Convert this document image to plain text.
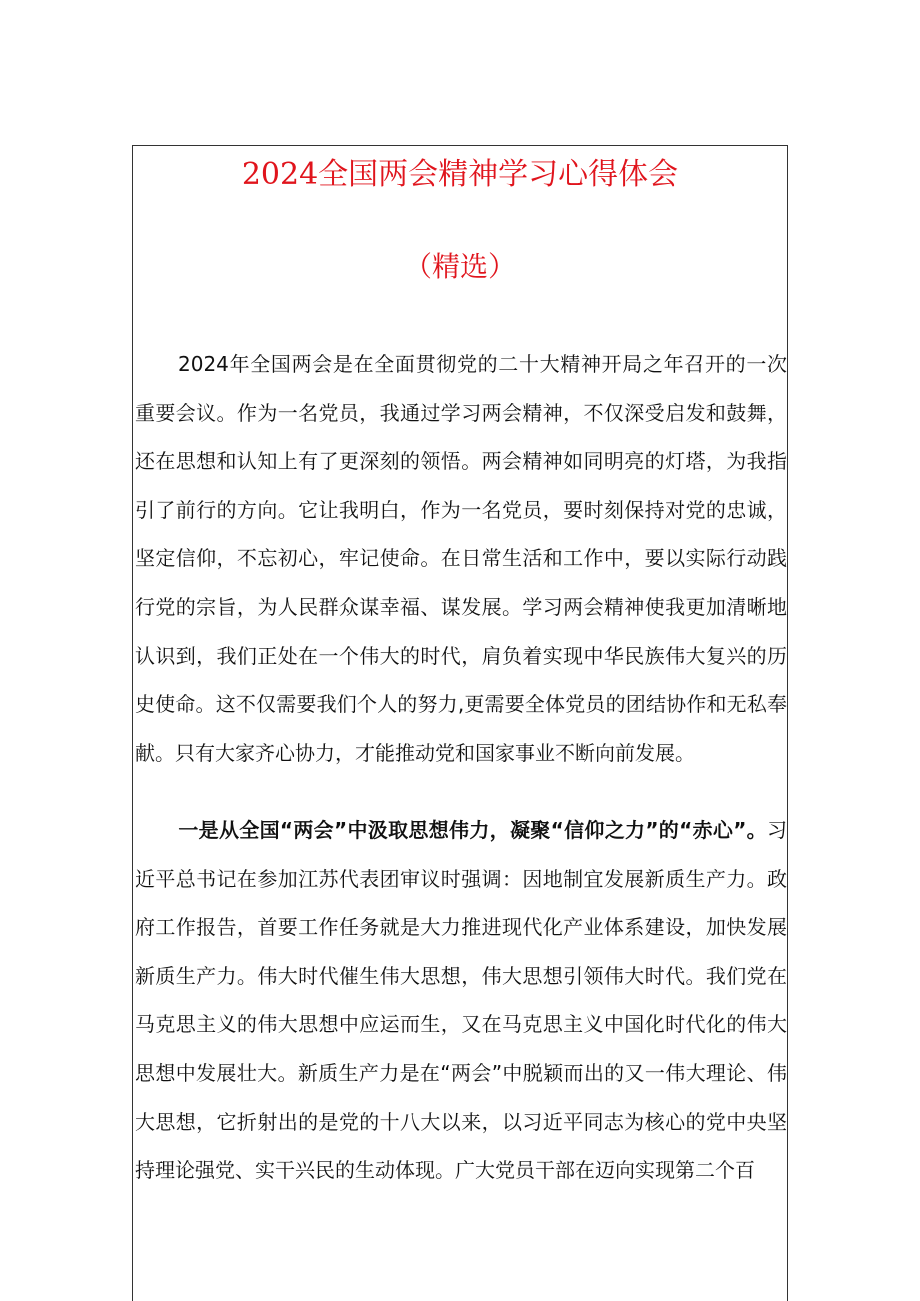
2024全国两会精神学习心得体会
（精选）

2024年全国两会是在全面贯彻党的二十大精神开局之年召开的一次重要会议。作为一名党员，我通过学习两会精神，不仅深受启发和鼓舞，还在思想和认知上有了更深刻的领悟。两会精神如同明亮的灯塔，为我指引了前行的方向。它让我明白，作为一名党员，要时刻保持对党的忠诚，坚定信仰，不忘初心，牢记使命。在日常生活和工作中，要以实际行动践行党的宗旨，为人民群众谋幸福、谋发展。学习两会精神使我更加清晰地认识到，我们正处在一个伟大的时代，肩负着实现中华民族伟大复兴的历史使命。这不仅需要我们个人的努力,更需要全体党员的团结协作和无私奉献。只有大家齐心协力，才能推动党和国家事业不断向前发展。

一是从全国“两会”中汲取思想伟力，凝聚“信仰之力”的“赤心”。习近平总书记在参加江苏代表团审议时强调：因地制宜发展新质生产力。政府工作报告，首要工作任务就是大力推进现代化产业体系建设，加快发展新质生产力。伟大时代催生伟大思想，伟大思想引领伟大时代。我们党在马克思主义的伟大思想中应运而生，又在马克思主义中国化时代化的伟大思想中发展壮大。新质生产力是在“两会”中脱颖而出的又一伟大理论、伟大思想，它折射出的是党的十八大以来，以习近平同志为核心的党中央坚持理论强党、实干兴民的生动体现。广大党员干部在迈向实现第二个百
